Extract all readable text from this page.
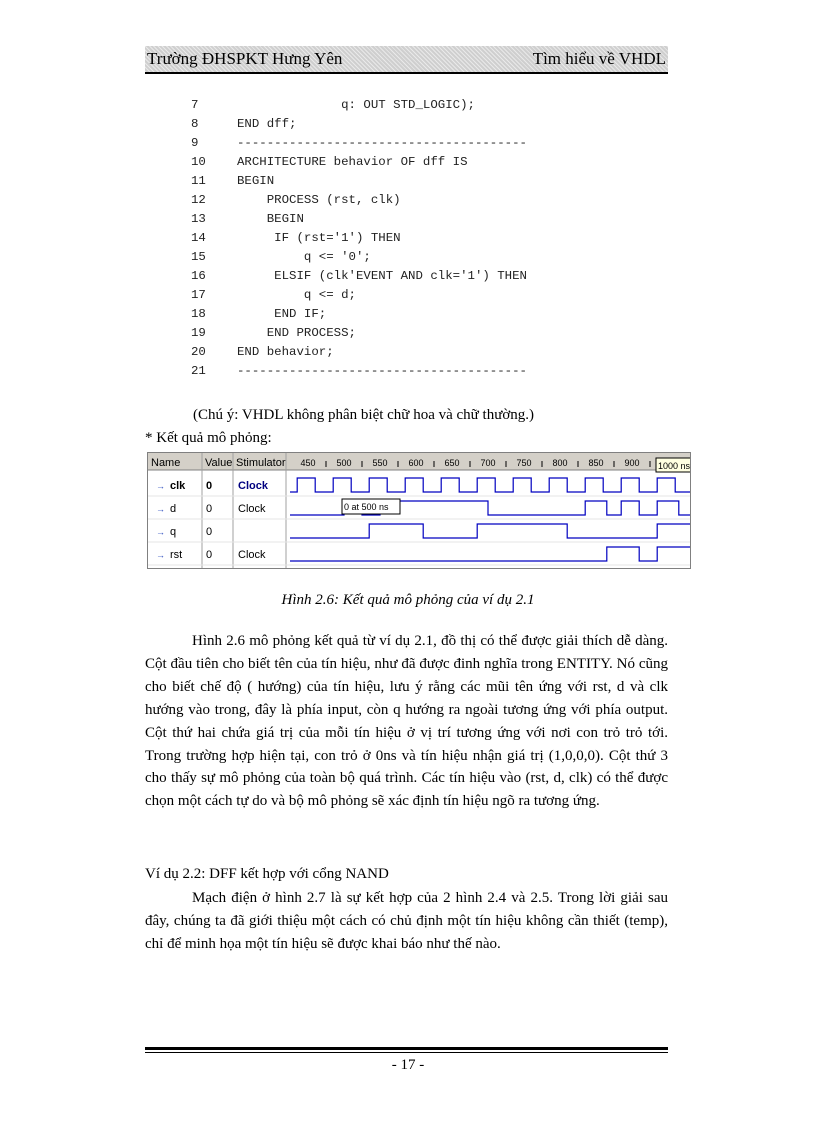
Trường ĐHSPKT Hưng Yên	Tìm hiểu về VHDL
7	q: OUT STD_LOGIC);
8	END dff;
9	---------------------------------------
10	ARCHITECTURE behavior OF dff IS
11	BEGIN
12	PROCESS (rst, clk)
13	BEGIN
14	IF (rst='1') THEN
15	q <= '0';
16	ELSIF (clk'EVENT AND clk='1') THEN
17	q <= d;
18	END IF;
19	END PROCESS;
20	END behavior;
21	---------------------------------------
(Chú ý: VHDL không phân biệt chữ hoa và chữ thường.)
* Kết quả mô phỏng:
Name Value Stimulator 450 500 550 600 650 700 750 800 850 900 1000 ns
→ clk 0 Clock
→ d	0 Clock
→ q	0
→ rst 0 Clock
0 at 500 ns
Hình 2.6: Kết quả mô phỏng của ví dụ 2.1
Hình 2.6 mô phỏng kết quả từ ví dụ 2.1, đồ thị có thể được giải thích dễ dàng. Cột đầu tiên cho biết tên của tín hiệu, như đã được đinh nghĩa trong ENTITY. Nó cũng cho biết chế độ ( hướng) của tín hiệu, lưu ý rằng các mũi tên ứng với rst, d và clk hướng vào trong, đây là phía input, còn q hướng ra ngoài tương ứng với phía output. Cột thứ hai chứa giá trị của mỗi tín hiệu ở vị trí tương ứng với nơi con trỏ trỏ tới. Trong trường hợp hiện tại, con trỏ ở 0ns và tín hiệu nhận giá trị (1,0,0,0). Cột thứ 3 cho thấy sự mô phỏng của toàn bộ quá trình. Các tín hiệu vào (rst, d, clk) có thể được chọn một cách tự do và bộ mô phỏng sẽ xác định tín hiệu ngõ ra tương ứng.
Ví dụ 2.2: DFF kết hợp với cổng NAND
Mạch điện ở hình 2.7 là sự kết hợp của 2 hình 2.4 và 2.5. Trong lời giải sau đây, chúng ta đã giới thiệu một cách có chủ định một tín hiệu không cần thiết (temp), chỉ để minh họa một tín hiệu sẽ được khai báo như thế nào.
- 17 -
